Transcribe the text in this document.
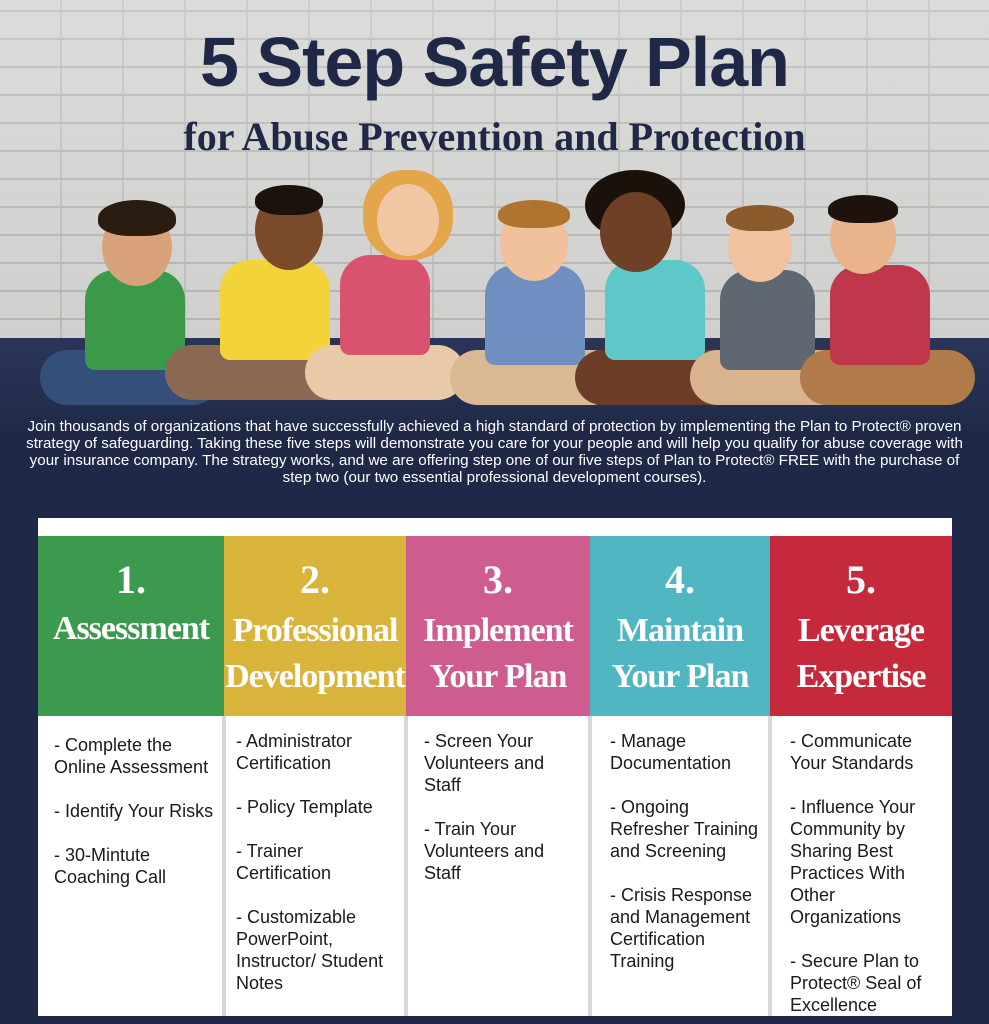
5 Step Safety Plan
for Abuse Prevention and Protection
Join thousands of organizations that have successfully achieved a high standard of protection by implementing the Plan to Protect® proven strategy of safeguarding. Taking these five steps will demonstrate you care for your people and will help you qualify for abuse coverage with your insurance company. The strategy works, and we are offering step one of our five steps of Plan to Protect® FREE with the purchase of step two (our two essential professional development courses).
1.
Assessment
- Complete the Online Assessment
- Identify Your Risks
- 30-Mintute Coaching Call
2.
Professional
Development
- Administrator Certification
- Policy Template
- Trainer Certification
- Customizable PowerPoint, Instructor/ Student Notes
3.
Implement
Your Plan
- Screen Your Volunteers and Staff
- Train Your Volunteers and Staff
4.
Maintain
Your Plan
- Manage Documentation
- Ongoing Refresher Training and Screening
- Crisis Response and Management Certification Training
5.
Leverage
Expertise
- Communicate Your Standards
- Influence Your Community by Sharing Best Practices With Other Organizations
- Secure Plan to Protect® Seal of Excellence
